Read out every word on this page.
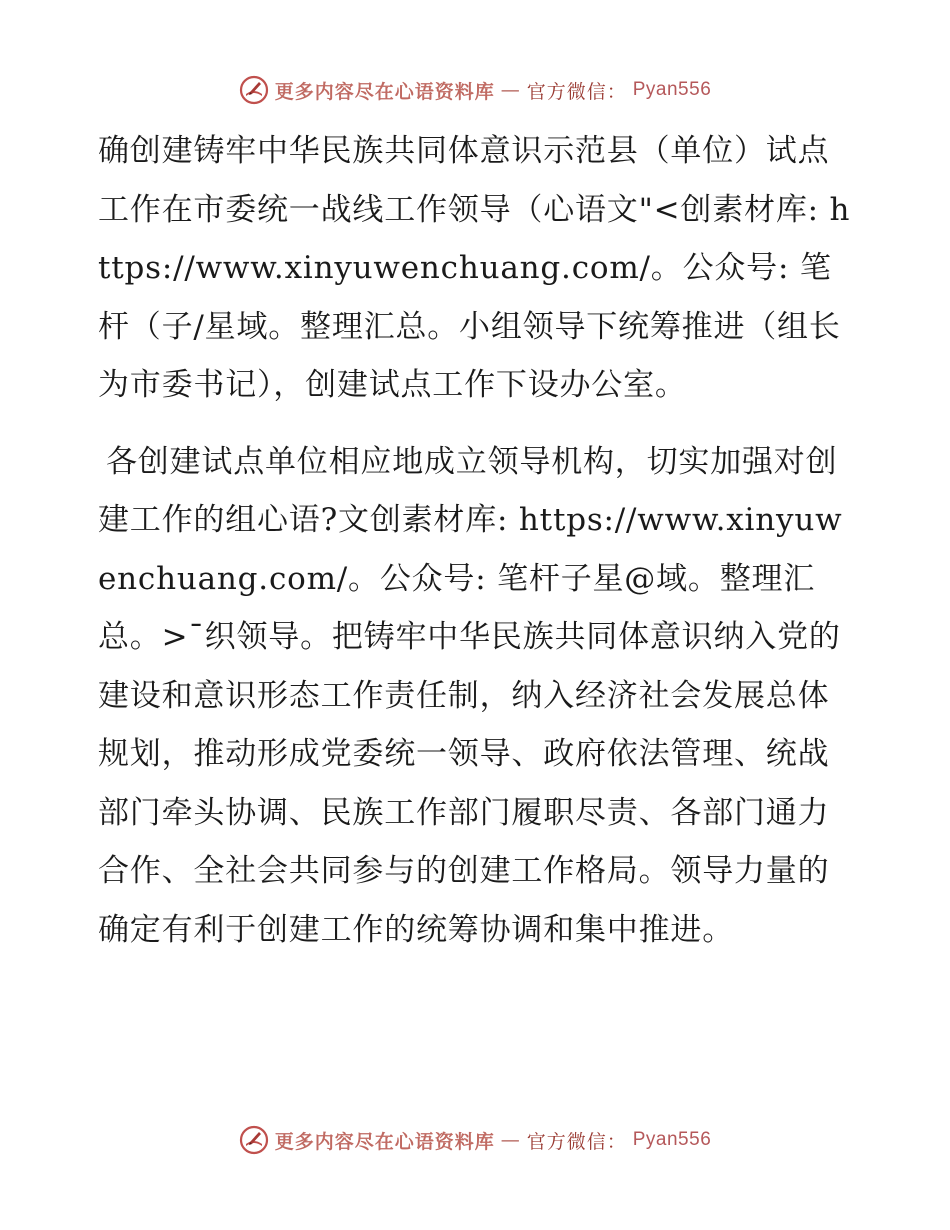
更多内容尽在心语资料库 — 官方微信： Pyan556

确创建铸牢中华民族共同体意识示范县（单位）试点工作在市委统一战线工作领导（心语文"<创素材库: https://www.xinyuwenchuang.com/。公众号: 笔杆（子/星域。整理汇总。小组领导下统筹推进（组长为市委书记），创建试点工作下设办公室。

各创建试点单位相应地成立领导机构，切实加强对创建工作的组心语?文创素材库: https://www.xinyuwenchuang.com/。公众号: 笔杆子星@域。整理汇总。>¯织领导。把铸牢中华民族共同体意识纳入党的建设和意识形态工作责任制，纳入经济社会发展总体规划，推动形成党委统一领导、政府依法管理、统战部门牵头协调、民族工作部门履职尽责、各部门通力合作、全社会共同参与的创建工作格局。领导力量的确定有利于创建工作的统筹协调和集中推进。

更多内容尽在心语资料库 — 官方微信： Pyan556
